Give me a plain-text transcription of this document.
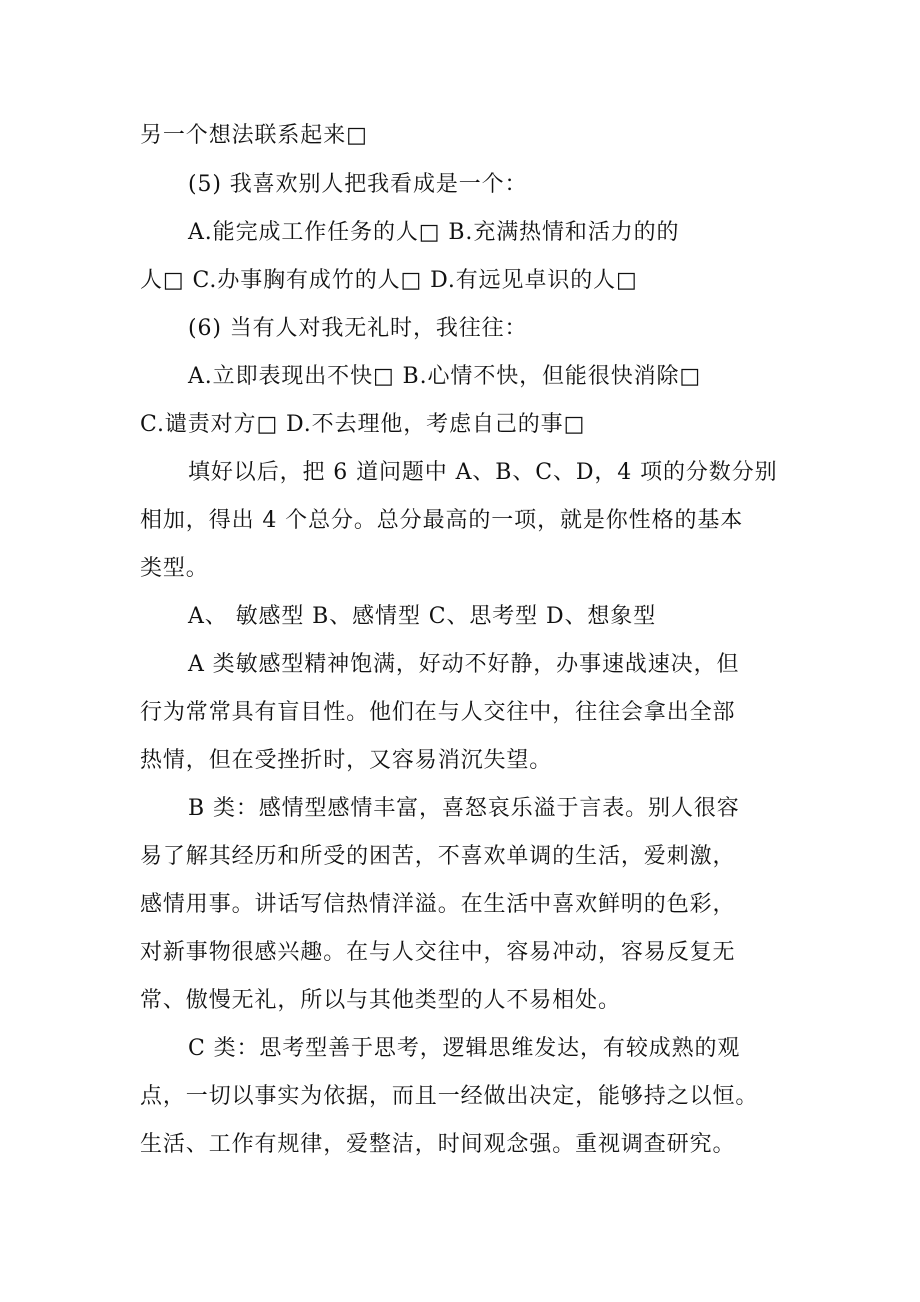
另一个想法联系起来□
(5) 我喜欢别人把我看成是一个：
A.能完成工作任务的人□ B.充满热情和活力的的
人□ C.办事胸有成竹的人□ D.有远见卓识的人□
(6) 当有人对我无礼时，我往往：
A.立即表现出不快□ B.心情不快，但能很快消除□
C.谴责对方□ D.不去理他，考虑自己的事□
填好以后，把 6 道问题中 A、B、C、D，4 项的分数分别
相加，得出 4 个总分。总分最高的一项，就是你性格的基本
类型。
A、 敏感型 B、感情型 C、思考型 D、想象型
A 类敏感型精神饱满，好动不好静，办事速战速决，但
行为常常具有盲目性。他们在与人交往中，往往会拿出全部
热情，但在受挫折时，又容易消沉失望。
B 类：感情型感情丰富，喜怒哀乐溢于言表。别人很容
易了解其经历和所受的困苦，不喜欢单调的生活，爱刺激，
感情用事。讲话写信热情洋溢。在生活中喜欢鲜明的色彩，
对新事物很感兴趣。在与人交往中，容易冲动，容易反复无
常、傲慢无礼，所以与其他类型的人不易相处。
C 类：思考型善于思考，逻辑思维发达，有较成熟的观
点，一切以事实为依据，而且一经做出决定，能够持之以恒。
生活、工作有规律，爱整洁，时间观念强。重视调查研究。
